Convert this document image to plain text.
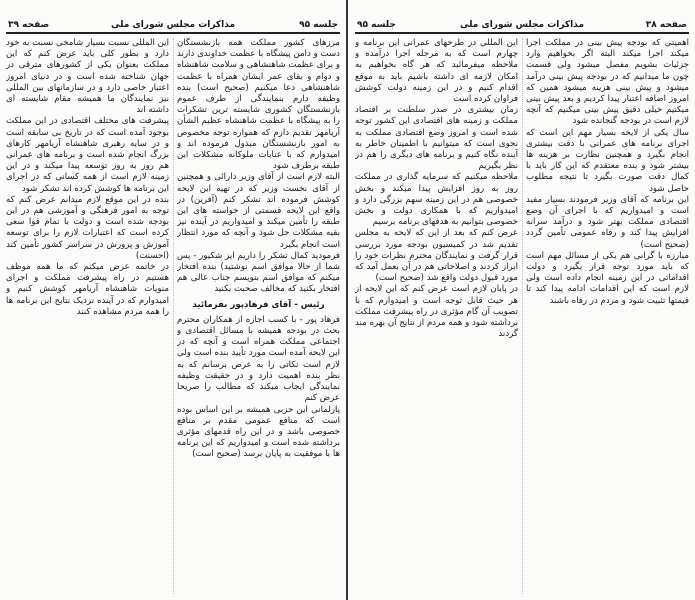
جلسه ۹۵
مذاکرات مجلس شورای ملی
صفحه ۳۹

مرزهای کشور مملکت همه بازنشستگان دست و دامن پیشگاه با عظمت خداوندی دارند و برای عظمت شاهنشاهی و سلامت شاهنشاه و دوام و بقای عمر ایشان همراه با عظمت شاهنشاهی دعا میکنیم (صحیح است) بنده وظیفه دارم بنمایندگی از طرف عموم بازنشستگان کشوری شایسته ترین تشکرات را به پیشگاه با عظمت شاهنشاه عظیم الشأن آریامهر تقدیم دارم که همواره توجه مخصوص به امور بازنشستگان مبذول فرموده اند و امیدوارم که با عنایات ملوکانه مشکلات این طبقه برطرف شود

البته لازم است از آقای وزیر دارائی و همچنین از آقای نخست وزیر که در تهیه این لایحه کوشش فرموده اند تشکر کنم (آفرین) در واقع این لایحه قسمتی از خواسته های این طبقه را تأمین میکند و امیدواریم در آینده نیز بقیه مشکلات حل شود و آنچه که مورد انتظار است انجام بگیرد

فرمودید کمال تشکر را داریم ایز شکیور - پس شما از حالا موافق اسم نوشتید) بنده افتخار میکنم که موافق اسم بنویسم جناب عالی هم افتخار بکنید که مخالف صحبت بکنید

رئیس - آقای فرهادپور بفرمائید

فرهاد پور - با کسب اجازه از همکاران محترم بحث در بودجه همیشه با مسائل اقتصادی و اجتماعی مملکت همراه است و آنچه که در این لایحه آمده است مورد تأیید بنده است ولی لازم است نکاتی را به عرض برسانم که به نظر بنده اهمیت دارد و در حقیقت وظیفه نمایندگی ایجاب میکند که مطالب را صریحا عرض کنم

پارلمانی این حزبی همیشه بر این اساس بوده است که منافع عمومی مقدم بر منافع خصوصی باشد و در این راه قدمهای مؤثری برداشته شده است و امیدواریم که این برنامه ها با موفقیت به پایان برسد (صحیح است)

این المللی نسبت بسیار شامخی نسبت به خود دارد و بطور کلی باید عرض کنم که این مملکت بعنوان یکی از کشورهای مترقی در جهان شناخته شده است و در دنیای امروز اعتبار خاصی دارد و در سازمانهای بین المللی نیز نمایندگان ما همیشه مقام شایسته ای داشته اند

پیشرفت های مختلف اقتصادی در این مملکت بوجود آمده است که در تاریخ بی سابقه است و در سایه رهبری شاهنشاه آریامهر کارهای بزرگ انجام شده است و برنامه های عمرانی هم روز به روز توسعه پیدا میکند و در این زمینه لازم است از همه کسانی که در اجرای این برنامه ها کوشش کرده اند تشکر شود

بنده در این موقع لازم میدانم عرض کنم که توجه به امور فرهنگی و آموزشی هم در این بودجه شده است و دولت با تمام قوا سعی کرده است که اعتبارات لازم را برای توسعه آموزش و پرورش در سراسر کشور تأمین کند (احسنت)

در خاتمه عرض میکنم که ما همه موظف هستیم در راه پیشرفت مملکت و اجرای منویات شاهنشاه آریامهر کوشش کنیم و امیدوارم که در آینده نزدیک نتایج این برنامه ها را همه مردم مشاهده کنند

صفحه ۳۸
مذاکرات مجلس شورای ملی
جلسه ۹۵

اهمیتی که بودجه پیش بینی در مملکت اجرا میکند اجرا میکند البته اگر بخواهیم وارد جزئیات بشویم مفصل میشود ولی قسمت چون ما میدانیم که در بودجه پیش بینی درآمد میشود و پیش بینی هزینه میشود همین که امروز اضافه اعتبار پیدا کردیم و بعد پیش بینی میکنیم خیلی دقیق پیش بینی میکنیم که آنچه لازم است در بودجه گنجانده شود

سال یکی از لایحه بسیار مهم این است که اجرای برنامه های عمرانی با دقت بیشتری انجام بگیرد و همچنین نظارت بر هزینه ها بیشتر شود و بنده معتقدم که این کار باید با کمال دقت صورت بگیرد تا نتیجه مطلوب حاصل شود

این برنامه که آقای وزیر فرمودند بسیار مفید است و امیدواریم که با اجرای آن وضع اقتصادی مملکت بهتر شود و درآمد سرانه افزایش پیدا کند و رفاه عمومی تأمین گردد (صحیح است)

مبارزه با گرانی هم یکی از مسائل مهم است که باید مورد توجه قرار بگیرد و دولت اقداماتی در این زمینه انجام داده است ولی لازم است که این اقدامات ادامه پیدا کند تا قیمتها تثبیت شود و مردم در رفاه باشند

این المللی در طرحهای عمرانی این برنامه و چهارم است که به مرحله اجرا درآمده و ملاحظه میفرمائید که هر گاه بخواهیم به امکان لازمه ای داشته باشیم باید به موقع اقدام کنیم و در این زمینه دولت کوشش فراوان کرده است

زمان بیشتری در صدر سلطنت بر اقتصاد مملکت و زمینه های اقتصادی این کشور توجه شده است و امروز وضع اقتصادی مملکت به نحوی است که میتوانیم با اطمینان خاطر به آینده نگاه کنیم و برنامه های دیگری را هم در نظر بگیریم

ملاحظه میکنیم که سرمایه گذاری در مملکت روز به روز افزایش پیدا میکند و بخش خصوصی هم در این زمینه سهم بزرگی دارد و امیدواریم که با همکاری دولت و بخش خصوصی بتوانیم به هدفهای برنامه برسیم

عرض کنم که بعد از این که لایحه به مجلس تقدیم شد در کمیسیون بودجه مورد بررسی قرار گرفت و نمایندگان محترم نظرات خود را ابراز کردند و اصلاحاتی هم در آن بعمل آمد که مورد قبول دولت واقع شد (صحیح است)

در پایان لازم است عرض کنم که این لایحه از هر حیث قابل توجه است و امیدوارم که با تصویب آن گام مؤثری در راه پیشرفت مملکت برداشته شود و همه مردم از نتایج آن بهره مند گردند
